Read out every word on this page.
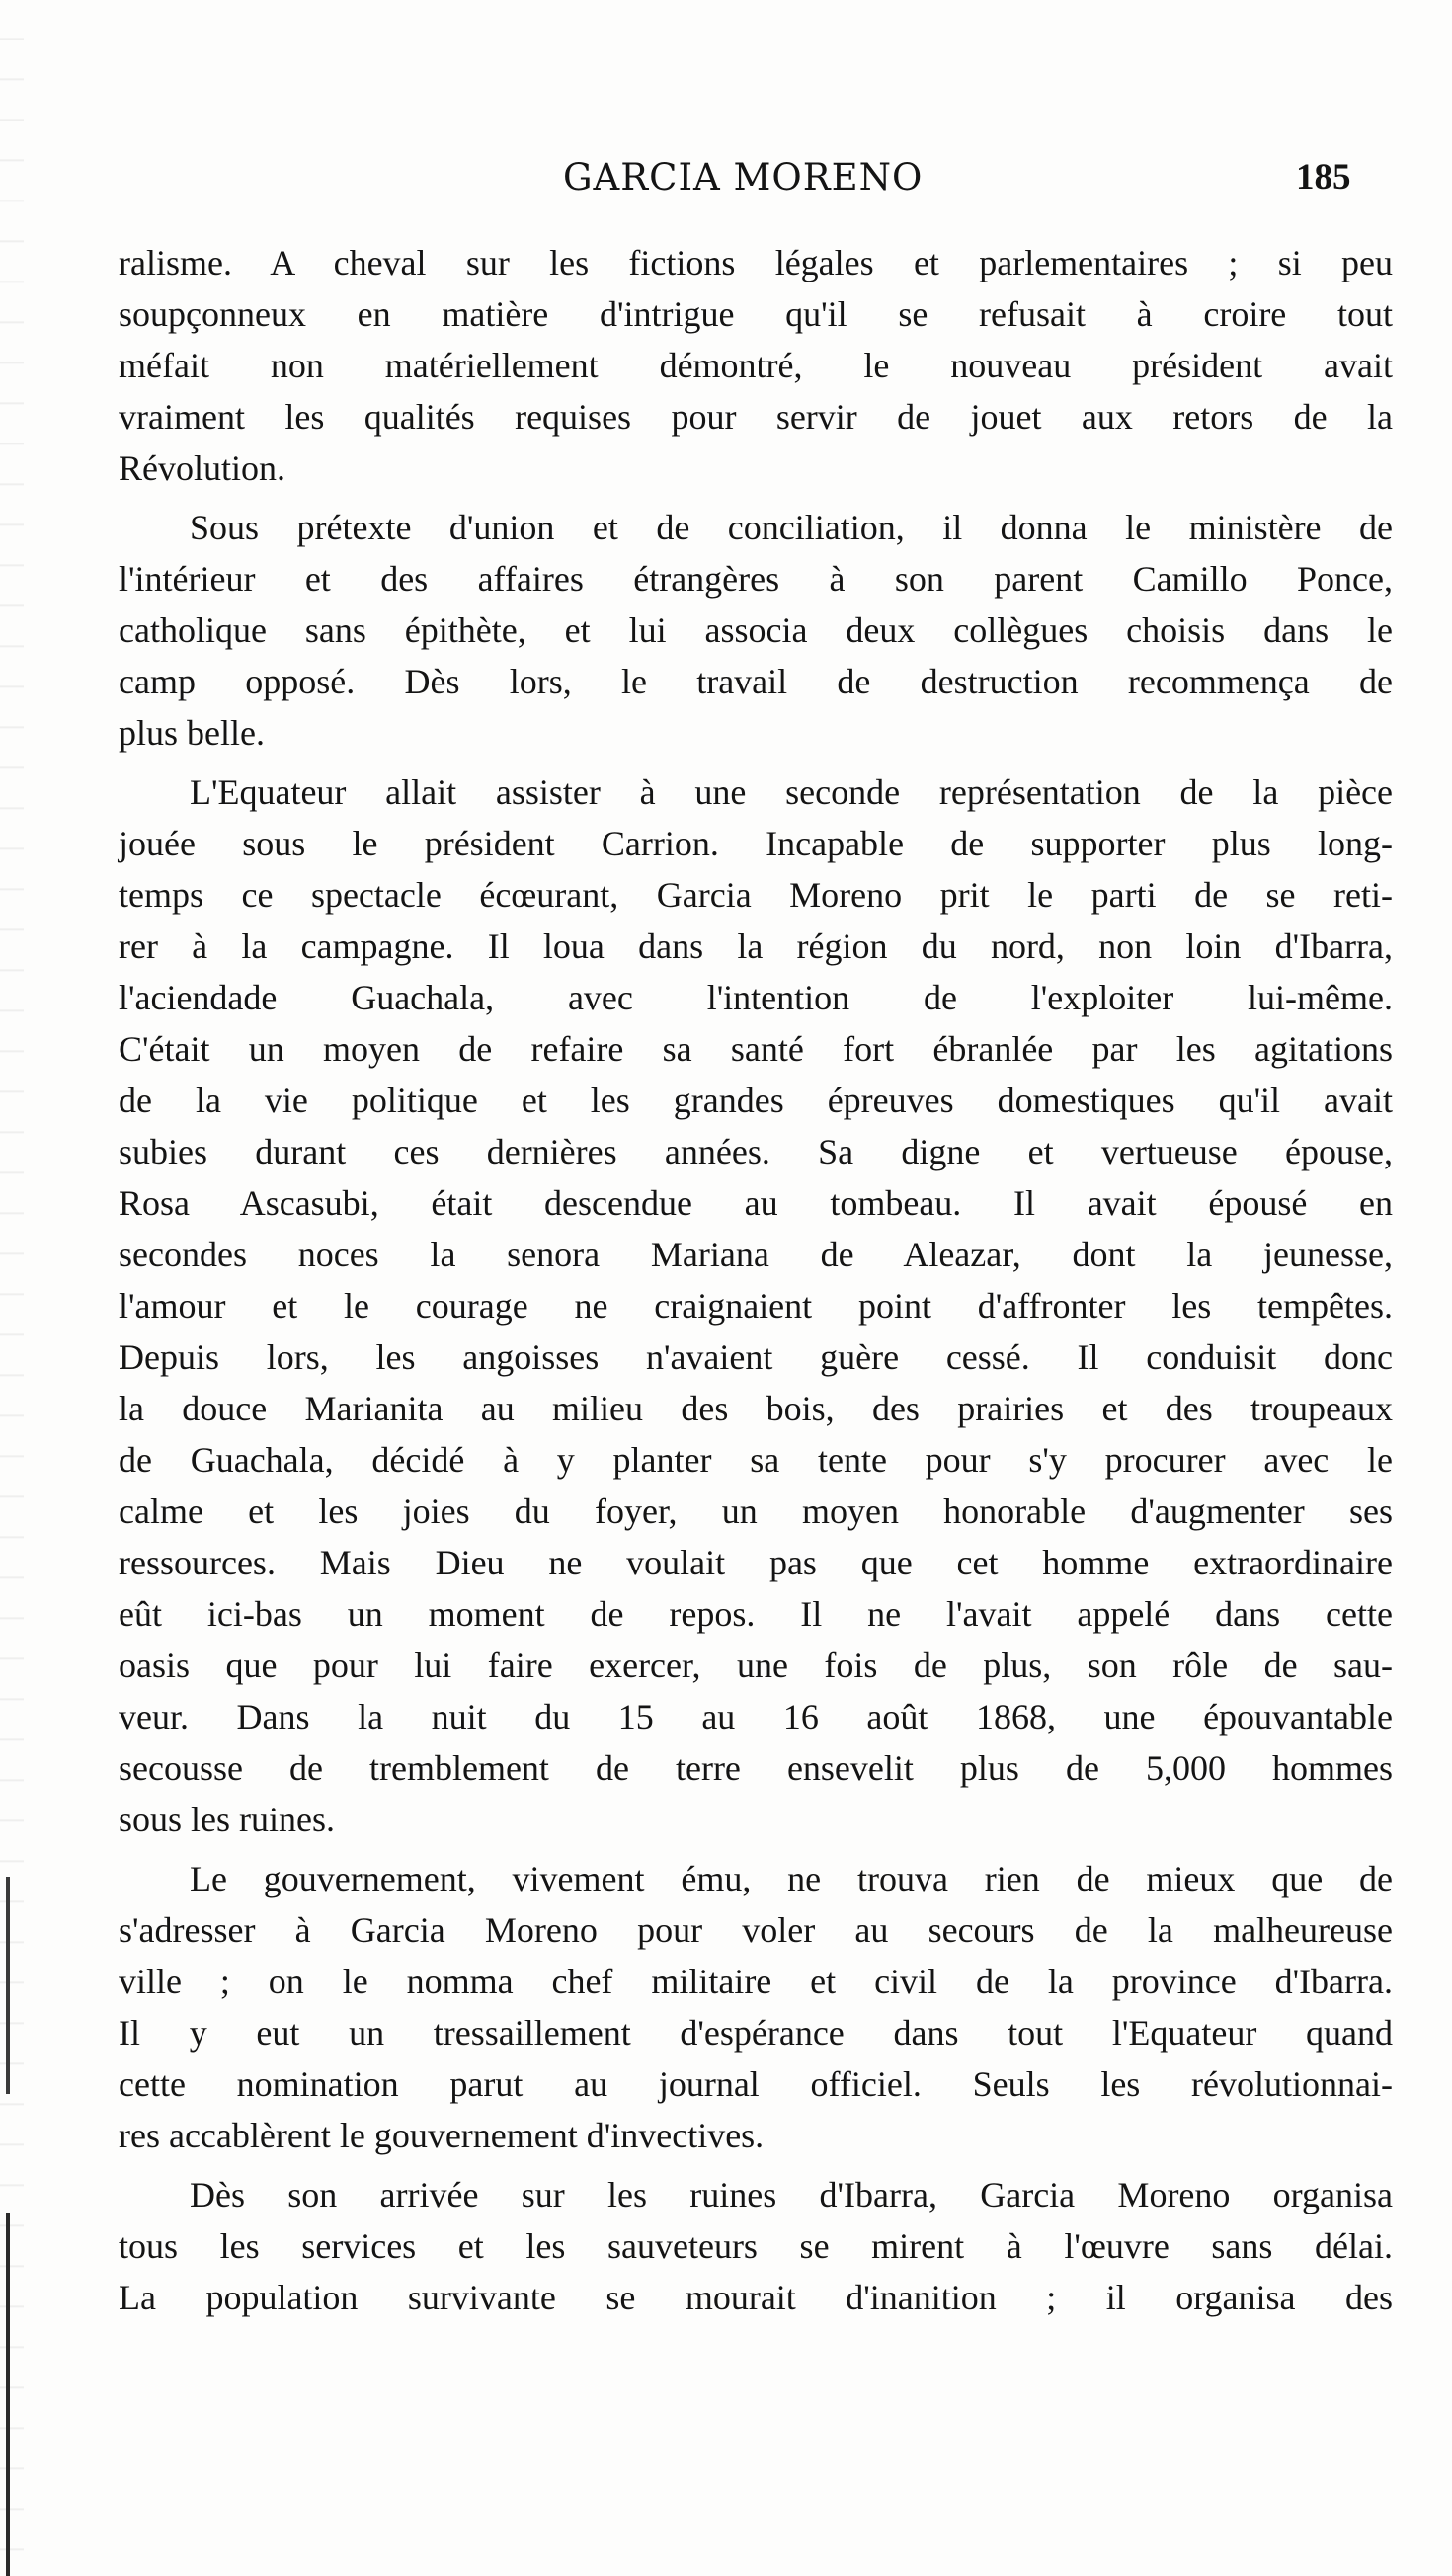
GARCIA MORENO	185
ralisme. A cheval sur les fictions légales et parlementaires ; si peu
soupçonneux en matière d'intrigue qu'il se refusait à croire tout
méfait non matériellement démontré, le nouveau président avait
vraiment les qualités requises pour servir de jouet aux retors de la
Révolution.
Sous prétexte d'union et de conciliation, il donna le ministère de
l'intérieur et des affaires étrangères à son parent Camillo Ponce,
catholique sans épithète, et lui associa deux collègues choisis dans le
camp opposé. Dès lors, le travail de destruction recommença de
plus belle.
L'Equateur allait assister à une seconde représentation de la pièce
jouée sous le président Carrion. Incapable de supporter plus long-
temps ce spectacle écœurant, Garcia Moreno prit le parti de se reti-
rer à la campagne. Il loua dans la région du nord, non loin d'Ibarra,
l'aciendade Guachala, avec l'intention de l'exploiter lui-même.
C'était un moyen de refaire sa santé fort ébranlée par les agitations
de la vie politique et les grandes épreuves domestiques qu'il avait
subies durant ces dernières années. Sa digne et vertueuse épouse,
Rosa Ascasubi, était descendue au tombeau. Il avait épousé en
secondes noces la senora Mariana de Aleazar, dont la jeunesse,
l'amour et le courage ne craignaient point d'affronter les tempêtes.
Depuis lors, les angoisses n'avaient guère cessé. Il conduisit donc
la douce Marianita au milieu des bois, des prairies et des troupeaux
de Guachala, décidé à y planter sa tente pour s'y procurer avec le
calme et les joies du foyer, un moyen honorable d'augmenter ses
ressources. Mais Dieu ne voulait pas que cet homme extraordinaire
eût ici-bas un moment de repos. Il ne l'avait appelé dans cette
oasis que pour lui faire exercer, une fois de plus, son rôle de sau-
veur. Dans la nuit du 15 au 16 août 1868, une épouvantable
secousse de tremblement de terre ensevelit plus de 5,000 hommes
sous les ruines.
Le gouvernement, vivement ému, ne trouva rien de mieux que de
s'adresser à Garcia Moreno pour voler au secours de la malheureuse
ville ; on le nomma chef militaire et civil de la province d'Ibarra.
Il y eut un tressaillement d'espérance dans tout l'Equateur quand
cette nomination parut au journal officiel. Seuls les révolutionnai-
res accablèrent le gouvernement d'invectives.
Dès son arrivée sur les ruines d'Ibarra, Garcia Moreno organisa
tous les services et les sauveteurs se mirent à l'œuvre sans délai.
La population survivante se mourait d'inanition ; il organisa des
